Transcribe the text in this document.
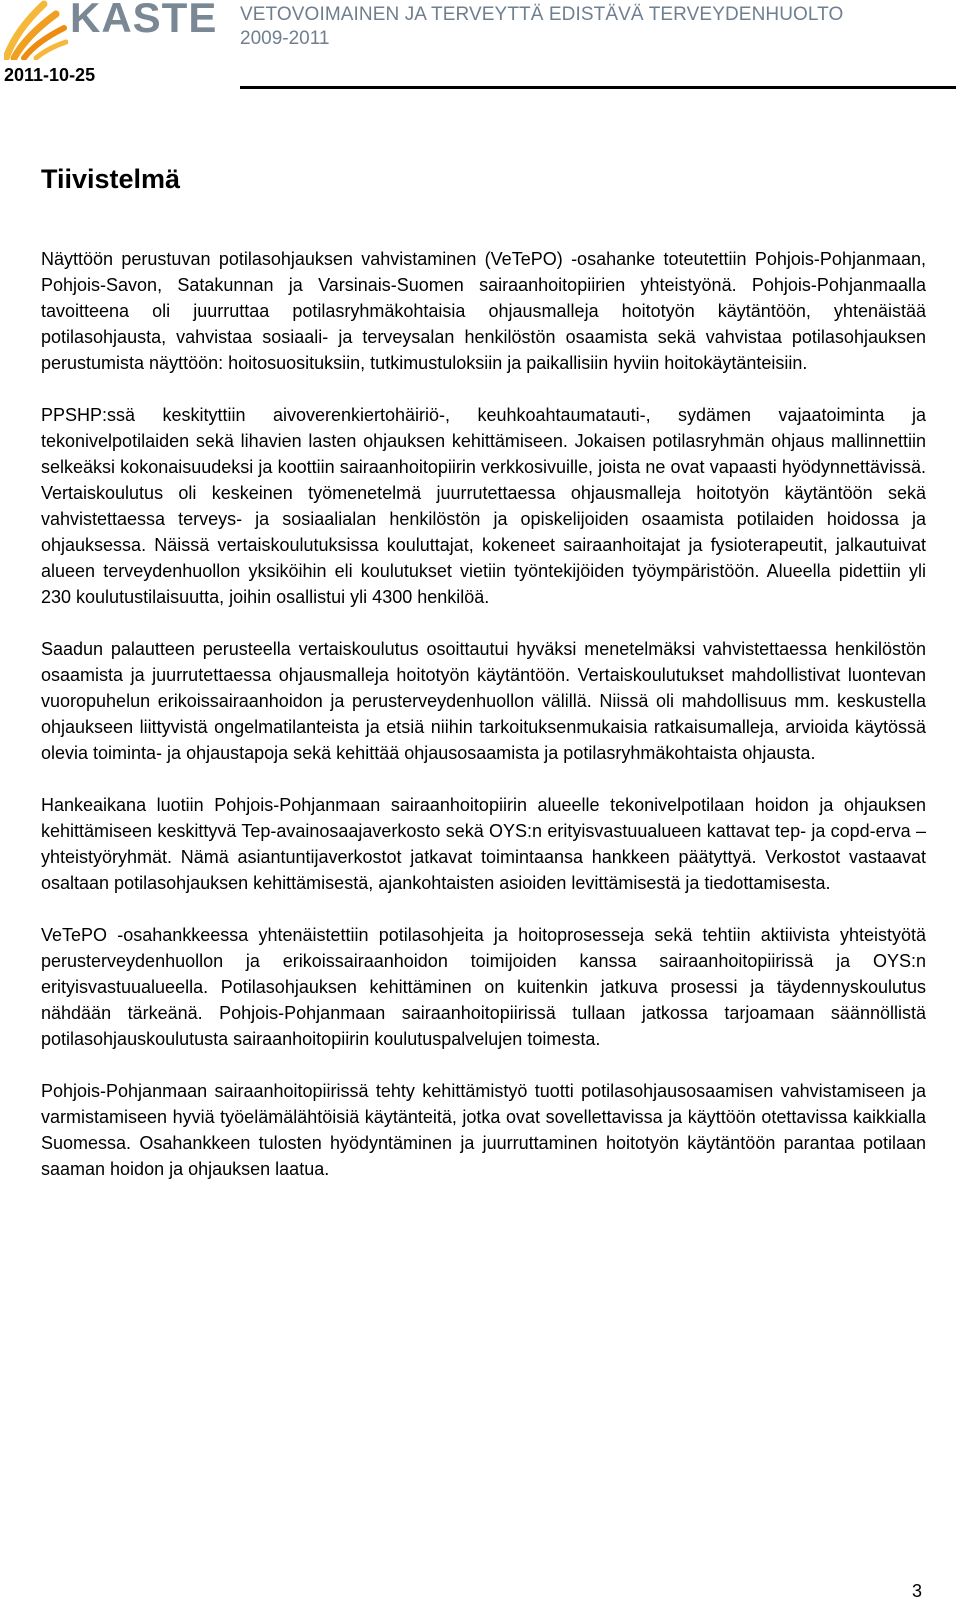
KASTE VETOVOIMAINEN JA TERVEYTTÄ EDISTÄVÄ TERVEYDENHUOLTO
2009-2011
2011-10-25
Tiivistelmä

Näyttöön perustuvan potilasohjauksen vahvistaminen (VeTePO) -osahanke toteutettiin Pohjois-Pohjanmaan, Pohjois-Savon, Satakunnan ja Varsinais-Suomen sairaanhoitopiirien yhteistyönä. Pohjois-Pohjanmaalla tavoitteena oli juurruttaa potilasryhmäkohtaisia ohjausmalleja hoitotyön käytäntöön, yhtenäistää potilasohjausta, vahvistaa sosiaali- ja terveysalan henkilöstön osaamista sekä vahvistaa potilasohjauksen perustumista näyttöön: hoitosuosituksiin, tutkimustuloksiin ja paikallisiin hyviin hoitokäytänteisiin.

PPSHP:ssä keskityttiin aivoverenkiertohäiriö-, keuhkoahtaumatauti-, sydämen vajaatoiminta ja tekonivelpotilaiden sekä lihavien lasten ohjauksen kehittämiseen. Jokaisen potilasryhmän ohjaus mallinnettiin selkeäksi kokonaisuudeksi ja koottiin sairaanhoitopiirin verkkosivuille, joista ne ovat vapaasti hyödynnettävissä. Vertaiskoulutus oli keskeinen työmenetelmä juurrutettaessa ohjausmalleja hoitotyön käytäntöön sekä vahvistettaessa terveys- ja sosiaalialan henkilöstön ja opiskelijoiden osaamista potilaiden hoidossa ja ohjauksessa. Näissä vertaiskoulutuksissa kouluttajat, kokeneet sairaanhoitajat ja fysioterapeutit, jalkautuivat alueen terveydenhuollon yksiköihin eli koulutukset vietiin työntekijöiden työympäristöön. Alueella pidettiin yli 230 koulutustilaisuutta, joihin osallistui yli 4300 henkilöä.

Saadun palautteen perusteella vertaiskoulutus osoittautui hyväksi menetelmäksi vahvistettaessa henkilöstön osaamista ja juurrutettaessa ohjausmalleja hoitotyön käytäntöön. Vertaiskoulutukset mahdollistivat luontevan vuoropuhelun erikoissairaanhoidon ja perusterveydenhuollon välillä. Niissä oli mahdollisuus mm. keskustella ohjaukseen liittyvistä ongelmatilanteista ja etsiä niihin tarkoituksenmukaisia ratkaisumalleja, arvioida käytössä olevia toiminta- ja ohjaustapoja sekä kehittää ohjausosaamista ja potilasryhmäkohtaista ohjausta.

Hankeaikana luotiin Pohjois-Pohjanmaan sairaanhoitopiirin alueelle tekonivelpotilaan hoidon ja ohjauksen kehittämiseen keskittyvä Tep-avainosaajaverkosto sekä OYS:n erityisvastuualueen kattavat tep- ja copd-erva –yhteistyöryhmät. Nämä asiantuntijaverkostot jatkavat toimintaansa hankkeen päätyttyä. Verkostot vastaavat osaltaan potilasohjauksen kehittämisestä, ajankohtaisten asioiden levittämisestä ja tiedottamisesta.

VeTePO -osahankkeessa yhtenäistettiin potilasohjeita ja hoitoprosesseja sekä tehtiin aktiivista yhteistyötä perusterveydenhuollon ja erikoissairaanhoidon toimijoiden kanssa sairaanhoitopiirissä ja OYS:n erityisvastuualueella. Potilasohjauksen kehittäminen on kuitenkin jatkuva prosessi ja täydennyskoulutus nähdään tärkeänä. Pohjois-Pohjanmaan sairaanhoitopiirissä tullaan jatkossa tarjoamaan säännöllistä potilasohjauskoulutusta sairaanhoitopiirin koulutuspalvelujen toimesta.

Pohjois-Pohjanmaan sairaanhoitopiirissä tehty kehittämistyö tuotti potilasohjausosaamisen vahvistamiseen ja varmistamiseen hyviä työelämälähtöisiä käytänteitä, jotka ovat sovellettavissa ja käyttöön otettavissa kaikkialla Suomessa. Osahankkeen tulosten hyödyntäminen ja juurruttaminen hoitotyön käytäntöön parantaa potilaan saaman hoidon ja ohjauksen laatua.

3
